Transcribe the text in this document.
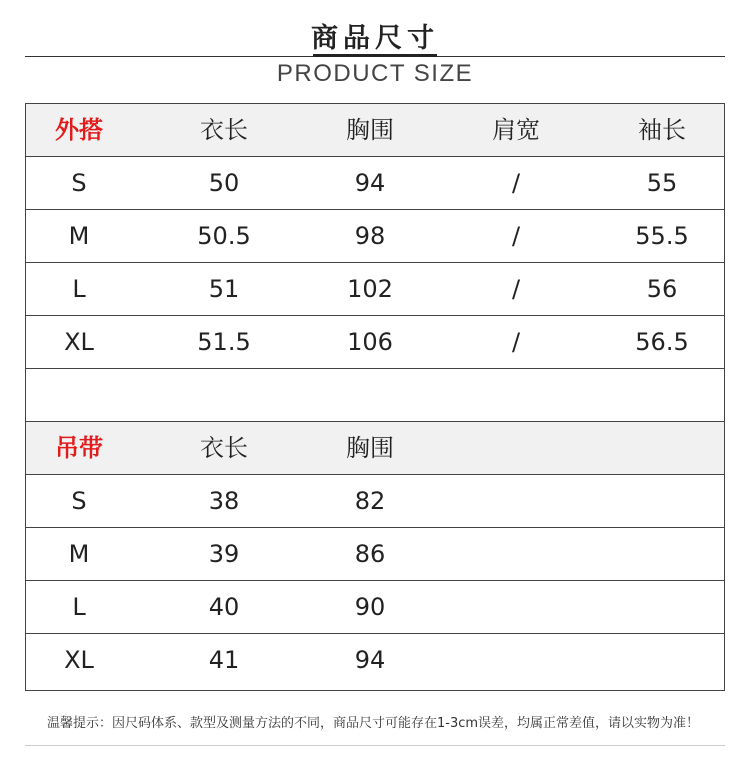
商品尺寸
PRODUCT SIZE
外搭	衣长	胸围	肩宽	袖长
S	50	94	/	55
M	50.5	98	/	55.5
L	51	102	/	56
XL	51.5	106	/	56.5
吊带	衣长	胸围
S	38	82
M	39	86
L	40	90
XL	41	94
温馨提示：因尺码体系、款型及测量方法的不同，商品尺寸可能存在1-3cm误差，均属正常差值，请以实物为准！
